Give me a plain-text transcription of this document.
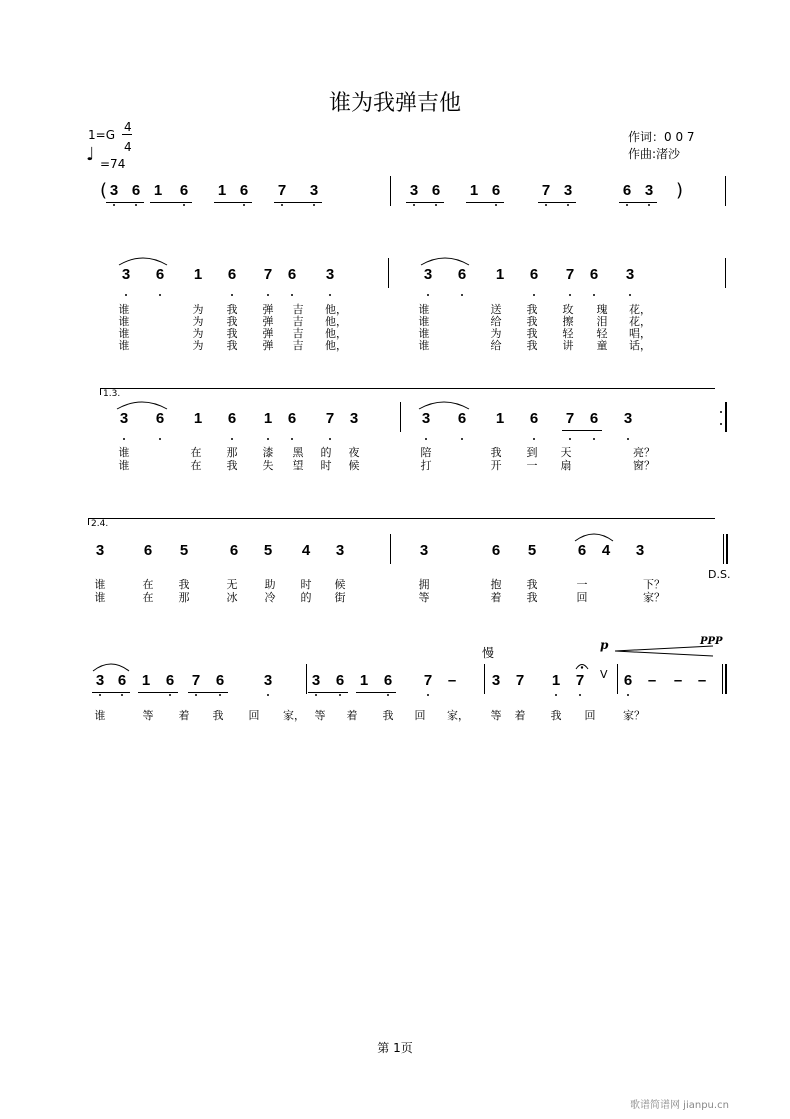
谁为我弹吉他
1=G
4
4
♩ =74
作词：0 0 7
作曲:渚沙
(	)
1.3.
2.4.
D.S.
慢
p	PPP
V
第 1页
歌谱简谱网 jianpu.cn
3 6 1 6 1 6 7 3	3 6 1 6	7 3	6 3
3 6 1 6 7 6 3	3 6 1 6 7 6 3
谁	为 我 弹 吉 他，	谁	送 我 玫 瑰 花，
谁	为 我 弹 吉 他，	谁	给 我 擦 泪 花，
谁	为 我 弹 吉 他，	谁	为 我 轻 轻 唱，
谁	为 我 弹 吉 他，	谁	给 我 讲 童 话，
3 6 1 6 1 6 7 3	3 6 1 6 7 6 3
谁	在 那 漆 黑 的 夜	陪	我 到 天	亮？
谁	在 我 失 望 时 候	打	开 一 扇	窗？
3	6 5	6 5 4 3	3	6 5	6 4 3
谁	在 我	无 助 时 候	拥	抱 我	一	下？
谁	在 那	冰 冷 的 街	等	着 我	回	家？
3 6 1 6 7 6	3	3 6 1 6 7 – 3 7 1 7	6 – – –
谁	等 着 我 回 家， 等 着 我 回 家， 等 着 我 回	家？
